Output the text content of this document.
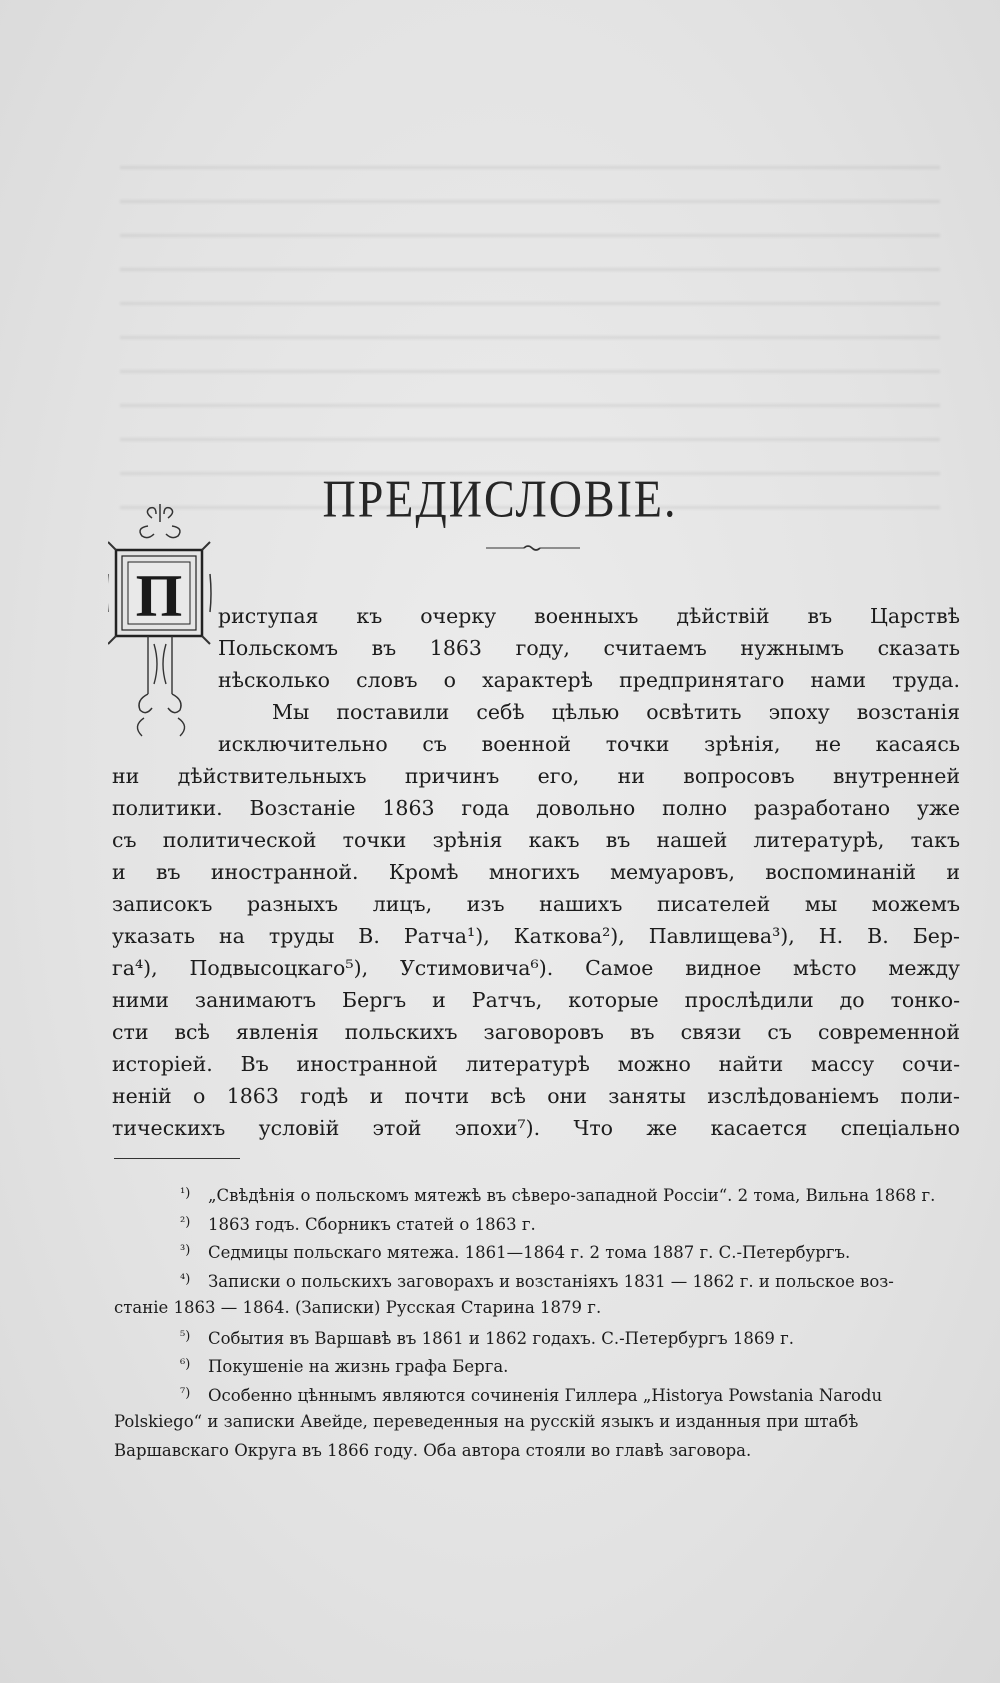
ПРЕДИСЛОВІЕ.
П риступая къ очерку военныхъ дѣйствій въ Царствѣ
Польскомъ въ 1863 году, считаемъ нужнымъ сказать
нѣсколько словъ о характерѣ предпринятаго нами труда.
Мы поставили себѣ цѣлью освѣтить эпоху возстанія
исключительно съ военной точки зрѣнія, не касаясь
ни дѣйствительныхъ причинъ его, ни вопросовъ внутренней
политики. Возстаніе 1863 года довольно полно разработано уже
съ политической точки зрѣнія какъ въ нашей литературѣ, такъ
и въ иностранной. Кромѣ многихъ мемуаровъ, воспоминаній и
записокъ разныхъ лицъ, изъ нашихъ писателей мы можемъ
указать на труды В. Ратча¹), Каткова²), Павлищева³), Н. В. Бер-
га⁴), Подвысоцкаго⁵), Устимовича⁶). Самое видное мѣсто между
ними занимаютъ Бергъ и Ратчъ, которые прослѣдили до тонко-
сти всѣ явленія польскихъ заговоровъ въ связи съ современной
исторіей. Въ иностранной литературѣ можно найти массу сочи-
неній о 1863 годѣ и почти всѣ они заняты изслѣдованіемъ поли-
тическихъ условій этой эпохи⁷). Что же касается спеціально
¹) „Свѣдѣнія о польскомъ мятежѣ въ сѣверо-западной Россіи“. 2 тома, Вильна 1868 г.
²) 1863 годъ. Сборникъ статей о 1863 г.
³) Седмицы польскаго мятежа. 1861—1864 г. 2 тома 1887 г. С.-Петербургъ.
⁴) Записки о польскихъ заговорахъ и возстаніяхъ 1831 — 1862 г. и польское воз-
станіе 1863 — 1864. (Записки) Русская Старина 1879 г.
⁵) События въ Варшавѣ въ 1861 и 1862 годахъ. С.-Петербургъ 1869 г.
⁶) Покушеніе на жизнь графа Берга.
⁷) Особенно цѣннымъ являются сочиненія Гиллера „Historya Powstania Narodu
Polskiego“ и записки Авейде, переведенныя на русскій языкъ и изданныя при штабѣ
Варшавскаго Округа въ 1866 году. Оба автора стояли во главѣ заговора.
